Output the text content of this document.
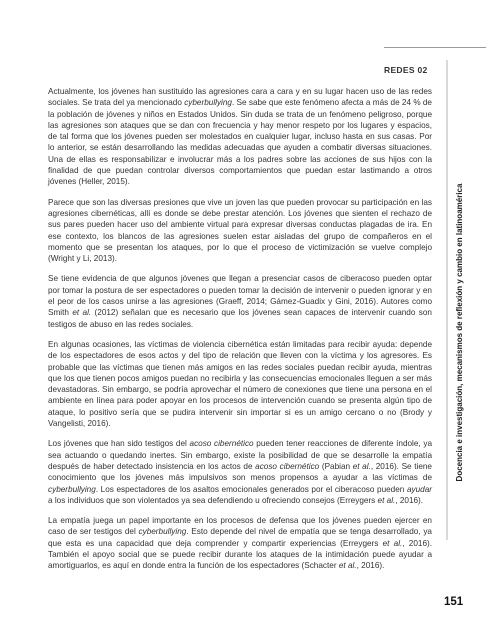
REDES 02
Docencia e investigación, mecanismos de reflexión y cambio en latinoamérica

Actualmente, los jóvenes han sustituido las agresiones cara a cara y en su lugar hacen uso de las redes sociales. Se trata del ya mencionado cyberbullying. Se sabe que este fenómeno afecta a más de 24 % de la población de jóvenes y niños en Estados Unidos. Sin duda se trata de un fenómeno peligroso, porque las agresiones son ataques que se dan con frecuencia y hay menor respeto por los lugares y espacios, de tal forma que los jóvenes pueden ser molestados en cualquier lugar, incluso hasta en sus casas. Por lo anterior, se están desarrollando las medidas adecuadas que ayuden a combatir diversas situaciones. Una de ellas es responsabilizar e involucrar más a los padres sobre las acciones de sus hijos con la finalidad de que puedan controlar diversos comportamientos que puedan estar lastimando a otros jóvenes (Heller, 2015).

Parece que son las diversas presiones que vive un joven las que pueden provocar su participación en las agresiones cibernéticas, allí es donde se debe prestar atención. Los jóvenes que sienten el rechazo de sus pares pueden hacer uso del ambiente virtual para expresar diversas conductas plagadas de ira. En ese contexto, los blancos de las agresiones suelen estar aisladas del grupo de compañeros en el momento que se presentan los ataques, por lo que el proceso de victimización se vuelve complejo (Wright y Li, 2013).

Se tiene evidencia de que algunos jóvenes que llegan a presenciar casos de ciberacoso pueden optar por tomar la postura de ser espectadores o pueden tomar la decisión de intervenir o pueden ignorar y en el peor de los casos unirse a las agresiones (Graeff, 2014; Gámez-Guadix y Gini, 2016). Autores como Smith et al. (2012) señalan que es necesario que los jóvenes sean capaces de intervenir cuando son testigos de abuso en las redes sociales.

En algunas ocasiones, las víctimas de violencia cibernética están limitadas para recibir ayuda: depende de los espectadores de esos actos y del tipo de relación que lleven con la víctima y los agresores. Es probable que las víctimas que tienen más amigos en las redes sociales puedan recibir ayuda, mientras que los que tienen pocos amigos puedan no recibirla y las consecuencias emocionales lleguen a ser más devastadoras. Sin embargo, se podría aprovechar el número de conexiones que tiene una persona en el ambiente en línea para poder apoyar en los procesos de intervención cuando se presenta algún tipo de ataque, lo positivo sería que se pudira intervenir sin importar si es un amigo cercano o no (Brody y Vangelisti, 2016).

Los jóvenes que han sido testigos del acoso cibernético pueden tener reacciones de diferente índole, ya sea actuando o quedando inertes. Sin embargo, existe la posibilidad de que se desarrolle la empatía después de haber detectado insistencia en los actos de acoso cibernético (Pabian et al., 2016). Se tiene conocimiento que los jóvenes más impulsivos son menos propensos a ayudar a las víctimas de cyberbullying. Los espectadores de los asaltos emocionales generados por el ciberacoso pueden ayudar a los individuos que son violentados ya sea defendiendo u ofreciendo consejos (Erreygers et al., 2016).

La empatía juega un papel importante en los procesos de defensa que los jóvenes pueden ejercer en caso de ser testigos del cyberbullying. Esto depende del nivel de empatía que se tenga desarrollado, ya que esta es una capacidad que deja comprender y compartir experiencias (Erreygers et al., 2016). También el apoyo social que se puede recibir durante los ataques de la intimidación puede ayudar a amortiguarlos, es aquí en donde entra la función de los espectadores (Schacter et al., 2016).

151
